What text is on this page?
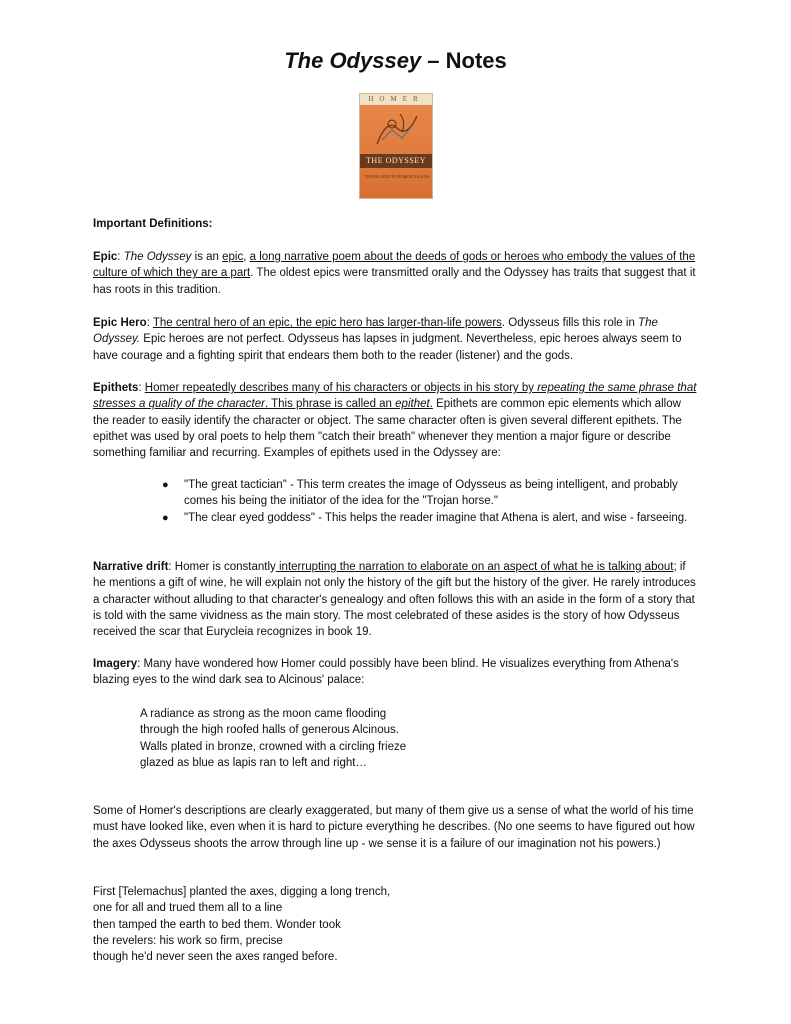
The Odyssey – Notes
HOMER
THE ODYSSEY
TRANSLATED BY ROBERT FAGLES

Important Definitions:

Epic: The Odyssey is an epic, a long narrative poem about the deeds of gods or heroes who embody the values of the culture of which they are a part. The oldest epics were transmitted orally and the Odyssey has traits that suggest that it has roots in this tradition.

Epic Hero: The central hero of an epic, the epic hero has larger-than-life powers. Odysseus fills this role in The Odyssey. Epic heroes are not perfect. Odysseus has lapses in judgment. Nevertheless, epic heroes always seem to have courage and a fighting spirit that endears them both to the reader (listener) and the gods.

Epithets: Homer repeatedly describes many of his characters or objects in his story by repeating the same phrase that stresses a quality of the character. This phrase is called an epithet. Epithets are common epic elements which allow the reader to easily identify the character or object. The same character often is given several different epithets. The epithet was used by oral poets to help them "catch their breath" whenever they mention a major figure or describe something familiar and recurring. Examples of epithets used in the Odyssey are:

● "The great tactician" - This term creates the image of Odysseus as being intelligent, and probably comes his being the initiator of the idea for the "Trojan horse."
● "The clear eyed goddess" - This helps the reader imagine that Athena is alert, and wise - farseeing.

Narrative drift: Homer is constantly interrupting the narration to elaborate on an aspect of what he is talking about; if he mentions a gift of wine, he will explain not only the history of the gift but the history of the giver. He rarely introduces a character without alluding to that character's genealogy and often follows this with an aside in the form of a story that is told with the same vividness as the main story. The most celebrated of these asides is the story of how Odysseus received the scar that Eurycleia recognizes in book 19.

Imagery: Many have wondered how Homer could possibly have been blind. He visualizes everything from Athena's blazing eyes to the wind dark sea to Alcinous' palace:

A radiance as strong as the moon came flooding
through the high roofed halls of generous Alcinous.
Walls plated in bronze, crowned with a circling frieze
glazed as blue as lapis ran to left and right…

Some of Homer's descriptions are clearly exaggerated, but many of them give us a sense of what the world of his time must have looked like, even when it is hard to picture everything he describes. (No one seems to have figured out how the axes Odysseus shoots the arrow through line up - we sense it is a failure of our imagination not his powers.)

First [Telemachus] planted the axes, digging a long trench,
one for all and trued them all to a line
then tamped the earth to bed them. Wonder took
the revelers: his work so firm, precise
though he'd never seen the axes ranged before.
